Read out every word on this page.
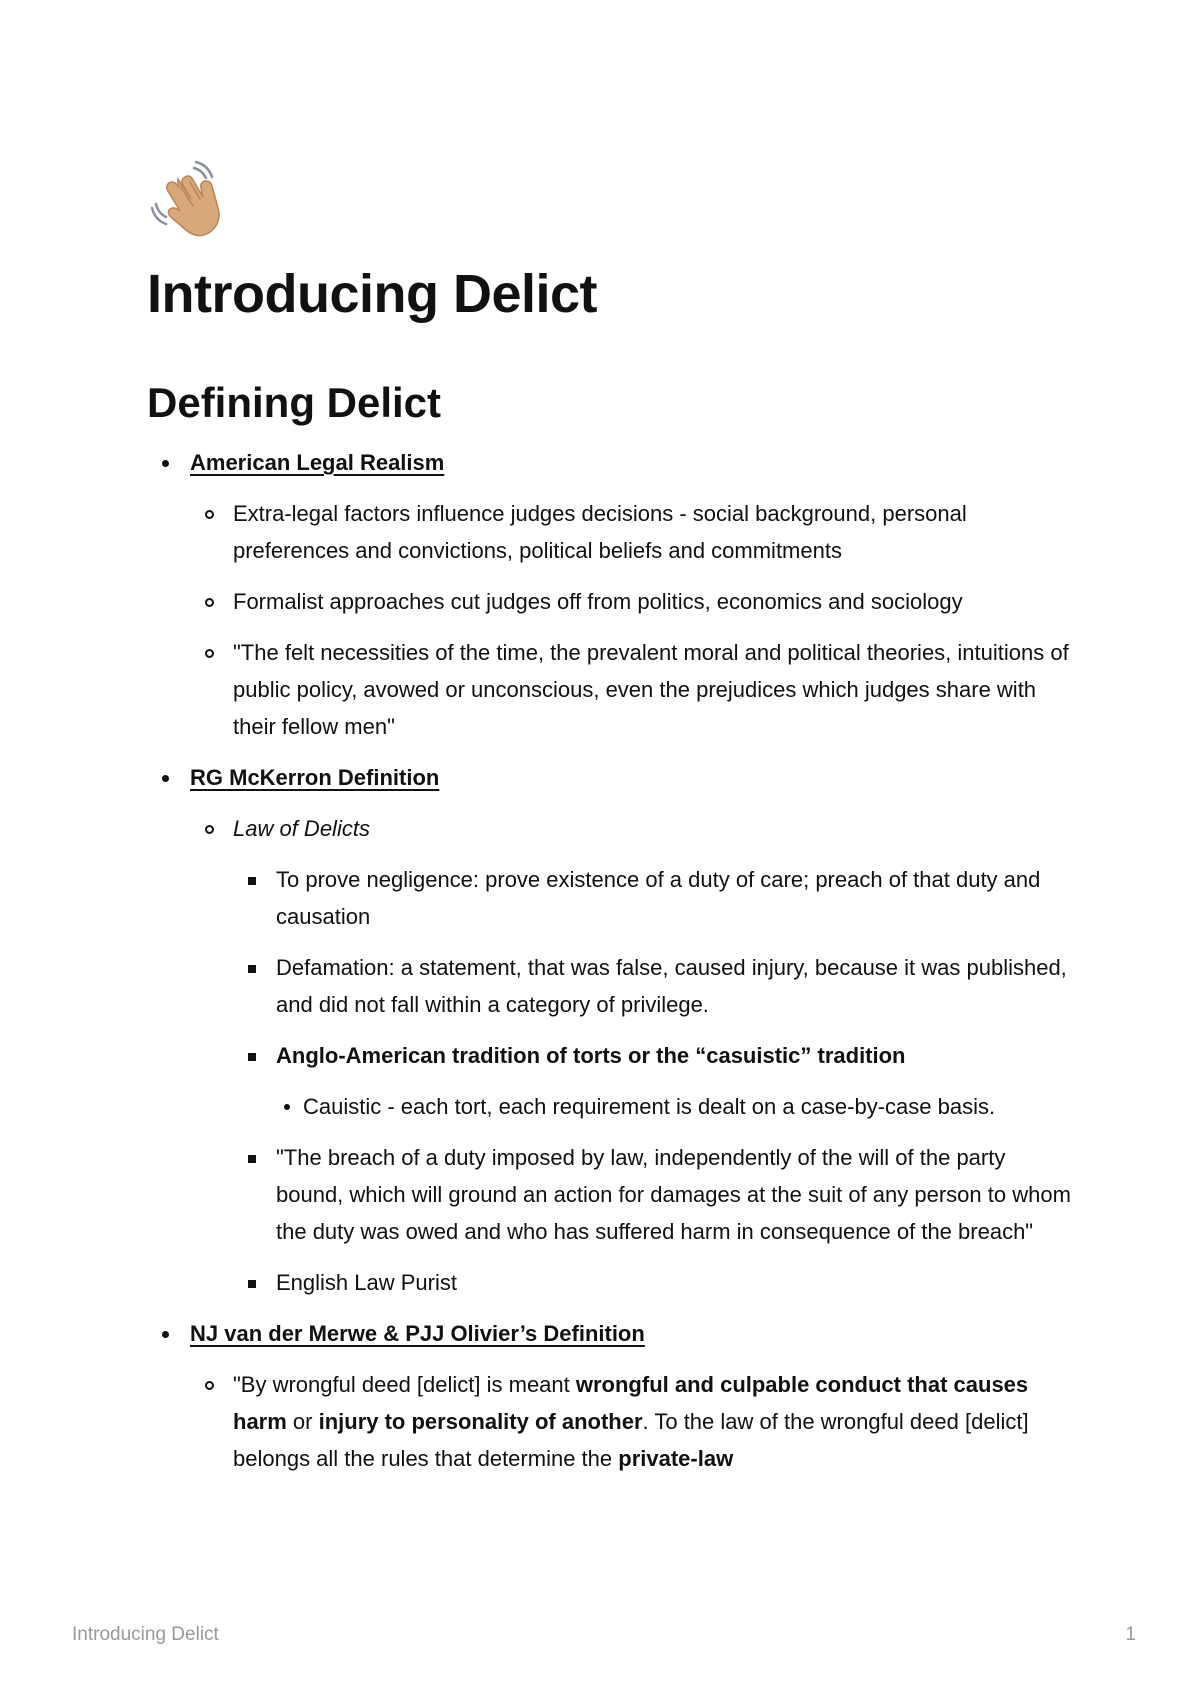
Introducing Delict
Defining Delict
American Legal Realism
Extra-legal factors influence judges decisions - social background, personal preferences and convictions, political beliefs and commitments
Formalist approaches cut judges off from politics, economics and sociology
"The felt necessities of the time, the prevalent moral and political theories, intuitions of public policy, avowed or unconscious, even the prejudices which judges share with their fellow men"
RG McKerron Definition
Law of Delicts
To prove negligence: prove existence of a duty of care; preach of that duty and causation
Defamation: a statement, that was false, caused injury, because it was published, and did not fall within a category of privilege.
Anglo-American tradition of torts or the “casuistic” tradition
Cauistic - each tort, each requirement is dealt on a case-by-case basis.
"The breach of a duty imposed by law, independently of the will of the party bound, which will ground an action for damages at the suit of any person to whom the duty was owed and who has suffered harm in consequence of the breach"
English Law Purist
NJ van der Merwe & PJJ Olivier’s Definition
"By wrongful deed [delict] is meant wrongful and culpable conduct that causes harm or injury to personality of another. To the law of the wrongful deed [delict] belongs all the rules that determine the private-law
Introducing Delict	1
